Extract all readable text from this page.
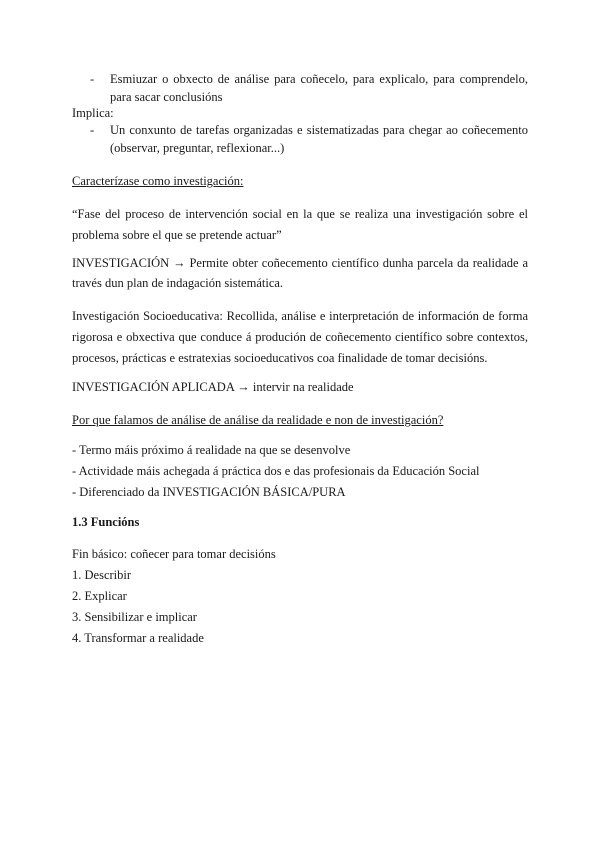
- Esmiuzar o obxecto de análise para coñecelo, para explicalo, para comprendelo, para sacar conclusións
Implica:
- Un conxunto de tarefas organizadas e sistematizadas para chegar ao coñecemento (observar, preguntar, reflexionar...)
Caracterízase como investigación:

“Fase del proceso de intervención social en la que se realiza una investigación sobre el problema sobre el que se pretende actuar”

INVESTIGACIÓN → Permite obter coñecemento científico dunha parcela da realidade a través dun plan de indagación sistemática.

Investigación Socioeducativa: Recollida, análise e interpretación de información de forma rigorosa e obxectiva que conduce á produción de coñecemento científico sobre contextos, procesos, prácticas e estratexias socioeducativos coa finalidade de tomar decisións.

INVESTIGACIÓN APLICADA → intervir na realidade
Por que falamos de análise de análise da realidade e non de investigación?
- Termo máis próximo á realidade na que se desenvolve
- Actividade máis achegada á práctica dos e das profesionais da Educación Social
- Diferenciado da INVESTIGACIÓN BÁSICA/PURA
1.3 Funcións
Fin básico: coñecer para tomar decisións
1. Describir
2. Explicar
3. Sensibilizar e implicar
4. Transformar a realidade
